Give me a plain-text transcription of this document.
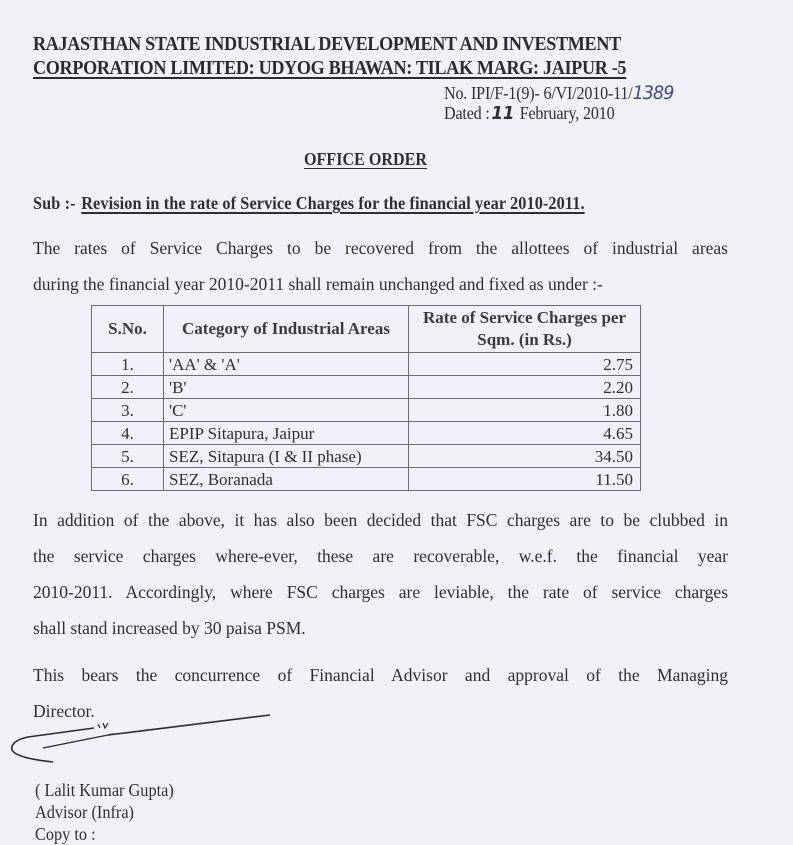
RAJASTHAN STATE INDUSTRIAL DEVELOPMENT AND INVESTMENT
CORPORATION LIMITED: UDYOG BHAWAN: TILAK MARG: JAIPUR -5
No. IPI/F-1(9)- 6/VI/2010-11/1389
Dated : 11 February, 2010
OFFICE ORDER
Sub :- Revision in the rate of Service Charges for the financial year 2010-2011.
The rates of Service Charges to be recovered from the allottees of industrial areas
during the financial year 2010-2011 shall remain unchanged and fixed as under :-
S.No.	Category of Industrial Areas	Rate of Service Charges per Sqm. (in Rs.)
1.	'AA' & 'A'	2.75
2.	'B'	2.20
3.	'C'	1.80
4.	EPIP Sitapura, Jaipur	4.65
5.	SEZ, Sitapura (I & II phase)	34.50
6.	SEZ, Boranada	11.50
In addition of the above, it has also been decided that FSC charges are to be clubbed in
the service charges where-ever, these are recoverable, w.e.f. the financial year
2010-2011. Accordingly, where FSC charges are leviable, the rate of service charges
shall stand increased by 30 paisa PSM.
This bears the concurrence of Financial Advisor and approval of the Managing
Director.
( Lalit Kumar Gupta)
Advisor (Infra)
Copy to :
